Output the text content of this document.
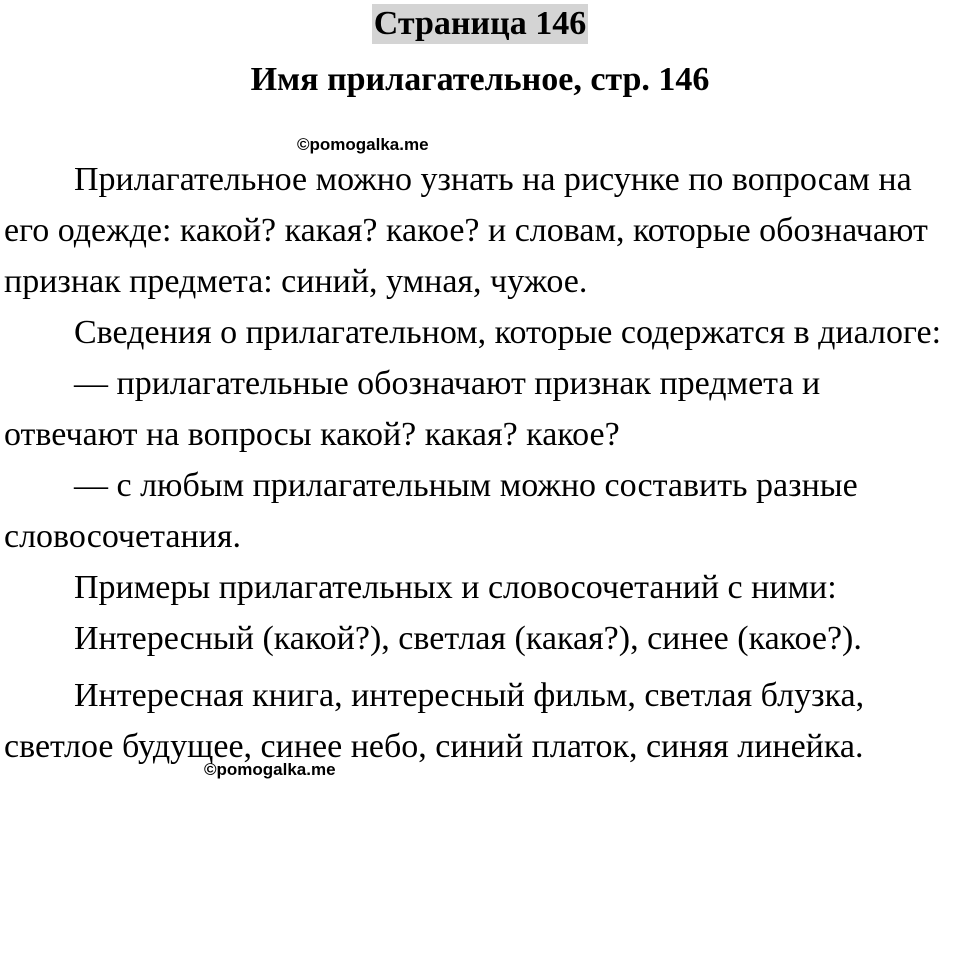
Страница 146
Имя прилагательное, стр. 146
©pomogalka.me
©pomogalka.me

Прилагательное можно узнать на рисунке по вопросам на его одежде: какой? какая? какое? и словам, которые обозначают признак предмета: синий, умная, чужое.

Сведения о прилагательном, которые содержатся в диалоге:

— прилагательные обозначают признак предмета и отвечают на вопросы какой? какая? какое?

— с любым прилагательным можно составить разные словосочетания.

Примеры прилагательных и словосочетаний с ними:

Интересный (какой?), светлая (какая?), синее (какое?).

Интересная книга, интересный фильм, светлая блузка, светлое будущее, синее небо, синий платок, синяя линейка.
